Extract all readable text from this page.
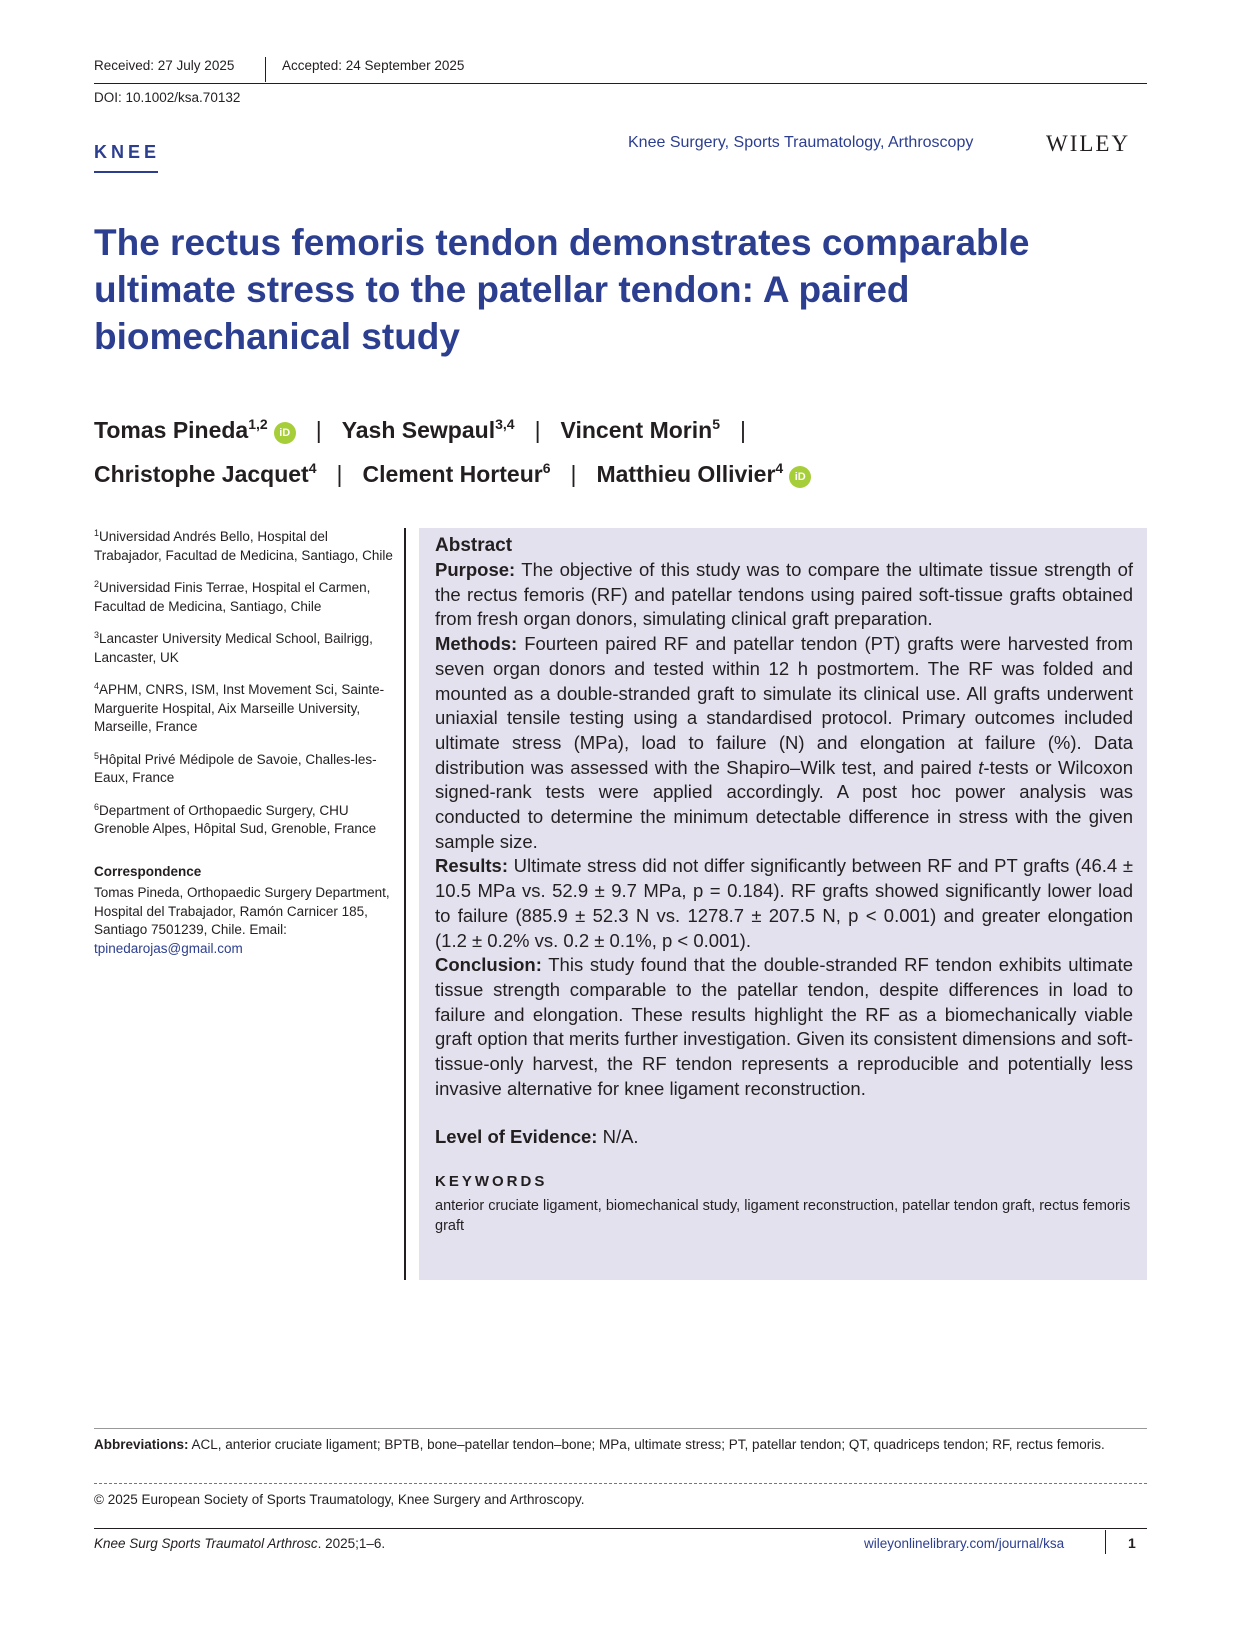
Received: 27 July 2025	Accepted: 24 September 2025
DOI: 10.1002/ksa.70132
KNEE	Knee Surgery, Sports Traumatology, Arthroscopy	WILEY
The rectus femoris tendon demonstrates comparable ultimate stress to the patellar tendon: A paired biomechanical study
Tomas Pineda$^{1,2}$iD | Yash Sewpaul$^{3,4}$ | Vincent Morin$^5$ |
Christophe Jacquet$^4$ | Clement Horteur$^6$ | Matthieu Ollivier$^4$iD
$^1$Universidad Andrés Bello, Hospital del Trabajador, Facultad de Medicina, Santiago, Chile
$^2$Universidad Finis Terrae, Hospital el Carmen, Facultad de Medicina, Santiago, Chile
$^3$Lancaster University Medical School, Bailrigg, Lancaster, UK
$^4$APHM, CNRS, ISM, Inst Movement Sci, Sainte-Marguerite Hospital, Aix Marseille University, Marseille, France
$^5$Hôpital Privé Médipole de Savoie, Challes-les-Eaux, France
$^6$Department of Orthopaedic Surgery, CHU Grenoble Alpes, Hôpital Sud, Grenoble, France
Correspondence
Tomas Pineda, Orthopaedic Surgery Department, Hospital del Trabajador, Ramón Carnicer 185, Santiago 7501239, Chile. Email: tpinedarojas@gmail.com
Abstract

Purpose: The objective of this study was to compare the ultimate tissue strength of the rectus femoris (RF) and patellar tendons using paired soft-tissue grafts obtained from fresh organ donors, simulating clinical graft preparation.

Methods: Fourteen paired RF and patellar tendon (PT) grafts were harvested from seven organ donors and tested within 12 h postmortem. The RF was folded and mounted as a double-stranded graft to simulate its clinical use. All grafts underwent uniaxial tensile testing using a standardised protocol. Primary outcomes included ultimate stress (MPa), load to failure (N) and elongation at failure (%). Data distribution was assessed with the Shapiro–Wilk test, and paired t-tests or Wilcoxon signed-rank tests were applied accordingly. A post hoc power analysis was conducted to determine the minimum detectable difference in stress with the given sample size.

Results: Ultimate stress did not differ significantly between RF and PT grafts (46.4 ± 10.5 MPa vs. 52.9 ± 9.7 MPa, p = 0.184). RF grafts showed significantly lower load to failure (885.9 ± 52.3 N vs. 1278.7 ± 207.5 N, p < 0.001) and greater elongation (1.2 ± 0.2% vs. 0.2 ± 0.1%, p < 0.001).

Conclusion: This study found that the double-stranded RF tendon exhibits ultimate tissue strength comparable to the patellar tendon, despite differences in load to failure and elongation. These results highlight the RF as a biomechanically viable graft option that merits further investigation. Given its consistent dimensions and soft-tissue-only harvest, the RF tendon represents a reproducible and potentially less invasive alternative for knee ligament reconstruction.

Level of Evidence: N/A.

KEYWORDS
anterior cruciate ligament, biomechanical study, ligament reconstruction, patellar tendon graft, rectus femoris graft
Abbreviations: ACL, anterior cruciate ligament; BPTB, bone–patellar tendon–bone; MPa, ultimate stress; PT, patellar tendon; QT, quadriceps tendon; RF, rectus femoris.
© 2025 European Society of Sports Traumatology, Knee Surgery and Arthroscopy.
Knee Surg Sports Traumatol Arthrosc. 2025;1–6.	wileyonlinelibrary.com/journal/ksa	1
